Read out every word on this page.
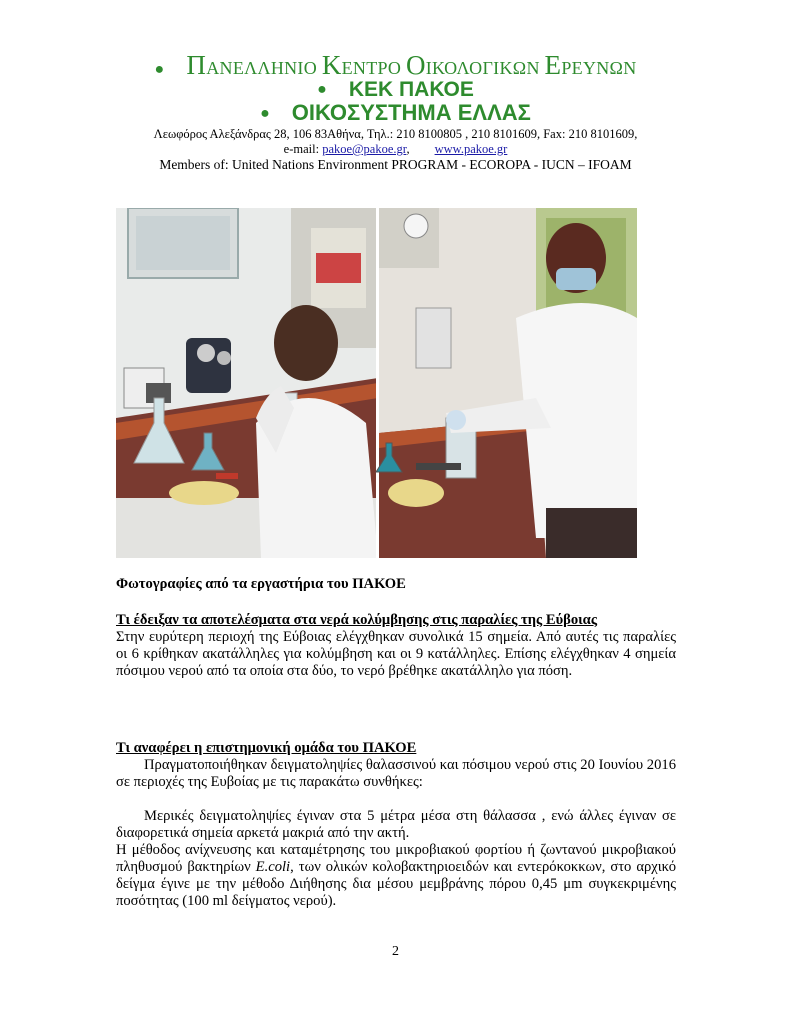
● ΠΑΝΕΛΛΗΝΙΟ ΚΕΝΤΡΟ ΟΙΚΟΛΟΓΙΚΩΝ ΕΡΕΥΝΩΝ
● ΚΕΚ ΠΑΚΟΕ
● ΟΙΚΟΣΥΣΤΗΜΑ ΕΛΛΑΣ
Λεωφόρος Αλεξάνδρας 28, 106 83Αθήνα, Τηλ.: 210 8100805 , 210 8101609, Fax: 210 8101609,
e-mail: pakoe@pakoe.gr, www.pakoe.gr
Members of: United Nations Environment PROGRAM - ECOROPA - IUCN – IFOAM
Φωτογραφίες από τα εργαστήρια του ΠΑΚΟΕ
Τι έδειξαν τα αποτελέσματα στα νερά κολύμβησης στις παραλίες της Εύβοιας
Στην ευρύτερη περιοχή της Εύβοιας ελέγχθηκαν συνολικά 15 σημεία. Από αυτές τις παραλίες οι 6 κρίθηκαν ακατάλληλες για κολύμβηση και οι 9 κατάλληλες. Επίσης ελέγχθηκαν 4 σημεία πόσιμου νερού από τα οποία στα δύο, το νερό βρέθηκε ακατάλληλο για πόση.
Τι αναφέρει η επιστημονική ομάδα του ΠΑΚΟΕ
Πραγματοποιήθηκαν δειγματοληψίες θαλασσινού και πόσιμου νερού στις 20 Ιουνίου 2016 σε περιοχές της Ευβοίας με τις παρακάτω συνθήκες:
Μερικές δειγματοληψίες έγιναν στα 5 μέτρα μέσα στη θάλασσα , ενώ άλλες έγιναν σε διαφορετικά σημεία αρκετά μακριά από την ακτή.
Η μέθοδος ανίχνευσης και καταμέτρησης του μικροβιακού φορτίου ή ζωντανού μικροβιακού πληθυσμού βακτηρίων E.coli, των ολικών κολοβακτηριοειδών και εντερόκοκκων, στο αρχικό δείγμα έγινε με την μέθοδο Διήθησης δια μέσου μεμβράνης πόρου 0,45 μm συγκεκριμένης ποσότητας (100 ml δείγματος νερού).
2
